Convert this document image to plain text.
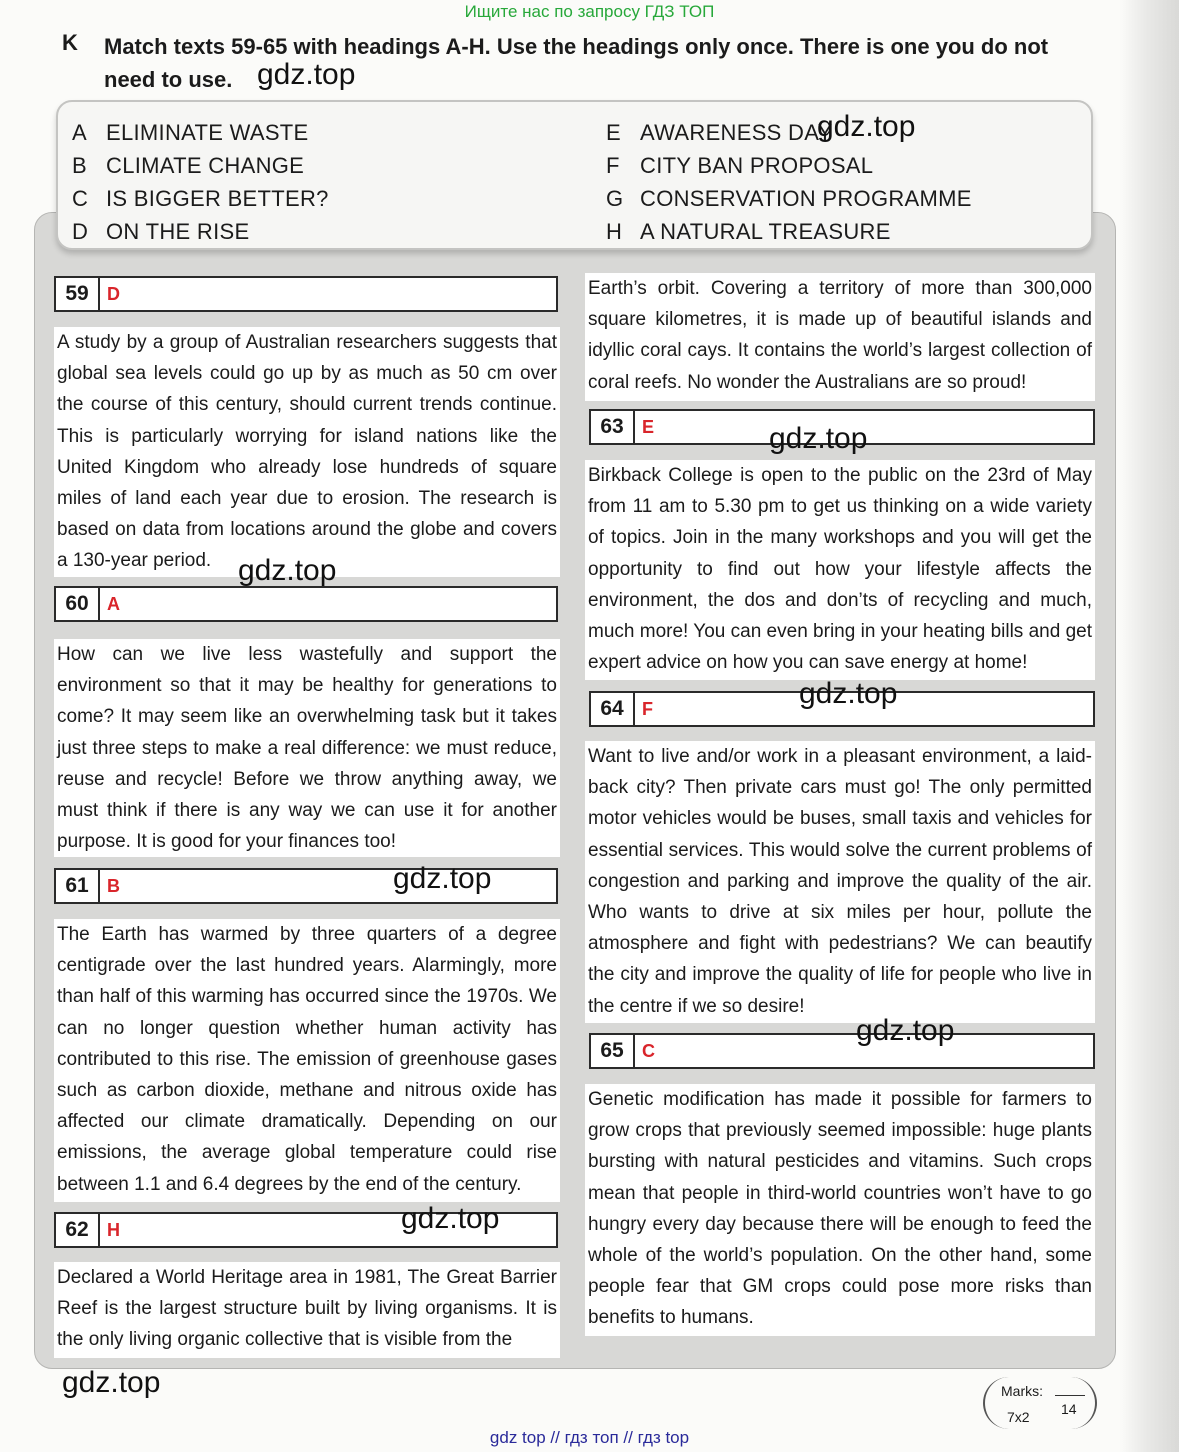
Ищите нас по запросу ГДЗ ТОП
K Match texts 59-65 with headings A-H. Use the headings only once. There is one you do not need to use.
A ELIMINATE WASTE
B CLIMATE CHANGE
C IS BIGGER BETTER?
D ON THE RISE
E AWARENESS DAY
F CITY BAN PROPOSAL
G CONSERVATION PROGRAMME
H A NATURAL TREASURE
59	D

A study by a group of Australian researchers suggests that global sea levels could go up by as much as 50 cm over the course of this century, should current trends continue. This is particularly worrying for island nations like the United Kingdom who already lose hundreds of square miles of land each year due to erosion. The research is based on data from locations around the globe and covers a 130-year period.

60	A

How can we live less wastefully and support the environment so that it may be healthy for generations to come? It may seem like an overwhelming task but it takes just three steps to make a real difference: we must reduce, reuse and recycle! Before we throw anything away, we must think if there is any way we can use it for another purpose. It is good for your finances too!

61	B

The Earth has warmed by three quarters of a degree centigrade over the last hundred years. Alarmingly, more than half of this warming has occurred since the 1970s. We can no longer question whether human activity has contributed to this rise. The emission of greenhouse gases such as carbon dioxide, methane and nitrous oxide has affected our climate dramatically. Depending on our emissions, the average global temperature could rise between 1.1 and 6.4 degrees by the end of the century.

62	H

Declared a World Heritage area in 1981, The Great Barrier Reef is the largest structure built by living organisms. It is the only living organic collective that is visible from the

Earth’s orbit. Covering a territory of more than 300,000 square kilometres, it is made up of beautiful islands and idyllic coral cays. It contains the world’s largest collection of coral reefs. No wonder the Australians are so proud!

63	E

Birkback College is open to the public on the 23rd of May from 11 am to 5.30 pm to get us thinking on a wide variety of topics. Join in the many workshops and you will get the opportunity to find out how your lifestyle affects the environment, the dos and don’ts of recycling and much, much more! You can even bring in your heating bills and get expert advice on how you can save energy at home!

64	F

Want to live and/or work in a pleasant environment, a laid-back city? Then private cars must go! The only permitted motor vehicles would be buses, small taxis and vehicles for essential services. This would solve the current problems of congestion and parking and improve the quality of the air. Who wants to drive at six miles per hour, pollute the atmosphere and fight with pedestrians? We can beautify the city and improve the quality of life for people who live in the centre if we so desire!

65	C

Genetic modification has made it possible for farmers to grow crops that previously seemed impossible: huge plants bursting with natural pesticides and vitamins. Such crops mean that people in third-world countries won’t have to go hungry every day because there will be enough to feed the whole of the world’s population. On the other hand, some people fear that GM crops could pose more risks than benefits to humans.

gdz.top
gdz.top
gdz.top
gdz.top
gdz.top
gdz.top
gdz.top
gdz.top
gdz.top	Marks:
7x2 14
gdz top // гдз топ // гдз top
